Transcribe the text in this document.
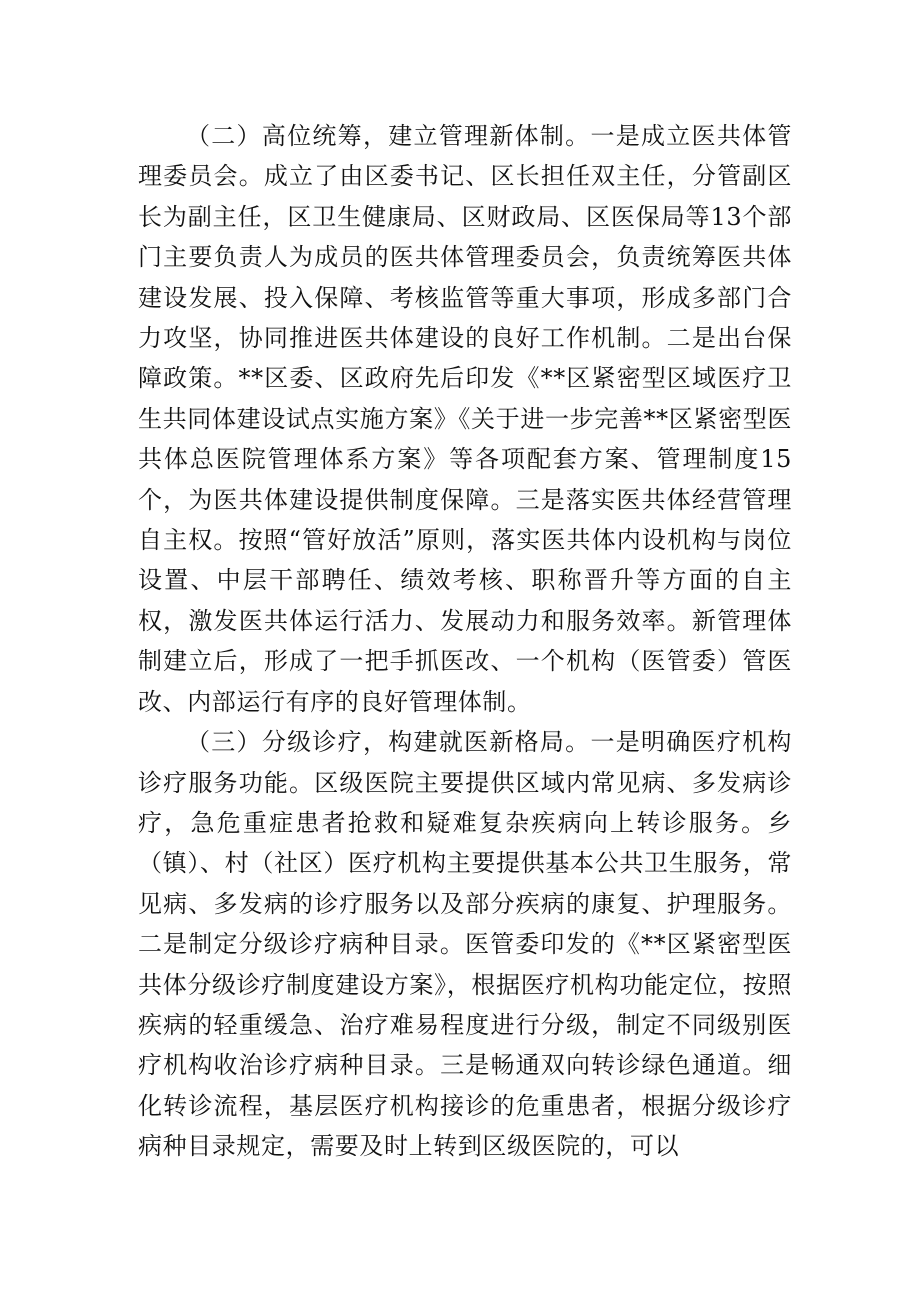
（二）高位统筹，建立管理新体制。一是成立医共体管理委员会。成立了由区委书记、区长担任双主任，分管副区长为副主任，区卫生健康局、区财政局、区医保局等13个部门主要负责人为成员的医共体管理委员会，负责统筹医共体建设发展、投入保障、考核监管等重大事项，形成多部门合力攻坚，协同推进医共体建设的良好工作机制。二是出台保障政策。**区委、区政府先后印发《**区紧密型区域医疗卫生共同体建设试点实施方案》《关于进一步完善**区紧密型医共体总医院管理体系方案》等各项配套方案、管理制度15个，为医共体建设提供制度保障。三是落实医共体经营管理自主权。按照“管好放活”原则，落实医共体内设机构与岗位设置、中层干部聘任、绩效考核、职称晋升等方面的自主权，激发医共体运行活力、发展动力和服务效率。新管理体制建立后，形成了一把手抓医改、一个机构（医管委）管医改、内部运行有序的良好管理体制。

（三）分级诊疗，构建就医新格局。一是明确医疗机构诊疗服务功能。区级医院主要提供区域内常见病、多发病诊疗，急危重症患者抢救和疑难复杂疾病向上转诊服务。乡（镇）、村（社区）医疗机构主要提供基本公共卫生服务，常见病、多发病的诊疗服务以及部分疾病的康复、护理服务。二是制定分级诊疗病种目录。医管委印发的《**区紧密型医共体分级诊疗制度建设方案》，根据医疗机构功能定位，按照疾病的轻重缓急、治疗难易程度进行分级，制定不同级别医疗机构收治诊疗病种目录。三是畅通双向转诊绿色通道。细化转诊流程，基层医疗机构接诊的危重患者，根据分级诊疗病种目录规定，需要及时上转到区级医院的，可以
